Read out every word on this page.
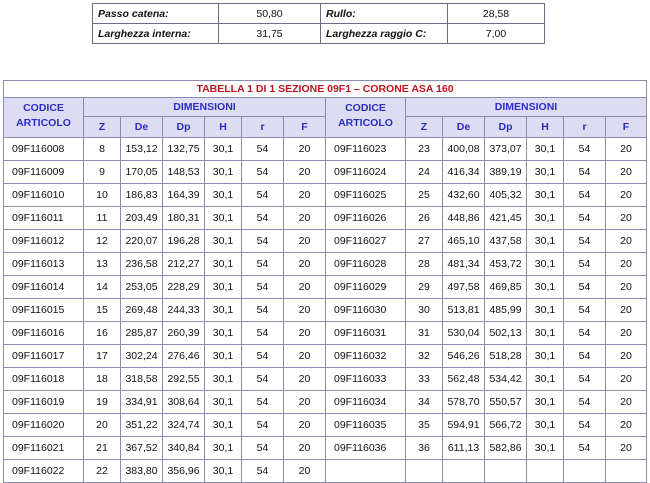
Passo catena:	50,80	Rullo:	28,58
Larghezza interna:	31,75	Larghezza raggio C:	7,00
TABELLA 1 DI 1 SEZIONE 09F1 – CORONE ASA 160													
CODICE ARTICOLO	DIMENSIONI						CODICE ARTICOLO	DIMENSIONI					
	Z	De	Dp	H	r	F		Z	De	Dp	H	r	F
09F116008	8	153,12	132,75	30,1	54	20	09F116023	23	400,08	373,07	30,1	54	20
09F116009	9	170,05	148,53	30,1	54	20	09F116024	24	416,34	389,19	30,1	54	20
09F116010	10	186,83	164,39	30,1	54	20	09F116025	25	432,60	405,32	30,1	54	20
09F116011	11	203,49	180,31	30,1	54	20	09F116026	26	448,86	421,45	30,1	54	20
09F116012	12	220,07	196,28	30,1	54	20	09F116027	27	465,10	437,58	30,1	54	20
09F116013	13	236,58	212,27	30,1	54	20	09F116028	28	481,34	453,72	30,1	54	20
09F116014	14	253,05	228,29	30,1	54	20	09F116029	29	497,58	469,85	30,1	54	20
09F116015	15	269,48	244,33	30,1	54	20	09F116030	30	513,81	485,99	30,1	54	20
09F116016	16	285,87	260,39	30,1	54	20	09F116031	31	530,04	502,13	30,1	54	20
09F116017	17	302,24	276,46	30,1	54	20	09F116032	32	546,26	518,28	30,1	54	20
09F116018	18	318,58	292,55	30,1	54	20	09F116033	33	562,48	534,42	30,1	54	20
09F116019	19	334,91	308,64	30,1	54	20	09F116034	34	578,70	550,57	30,1	54	20
09F116020	20	351,22	324,74	30,1	54	20	09F116035	35	594,91	566,72	30,1	54	20
09F116021	21	367,52	340,84	30,1	54	20	09F116036	36	611,13	582,86	30,1	54	20
09F116022	22	383,80	356,96	30,1	54	20							
